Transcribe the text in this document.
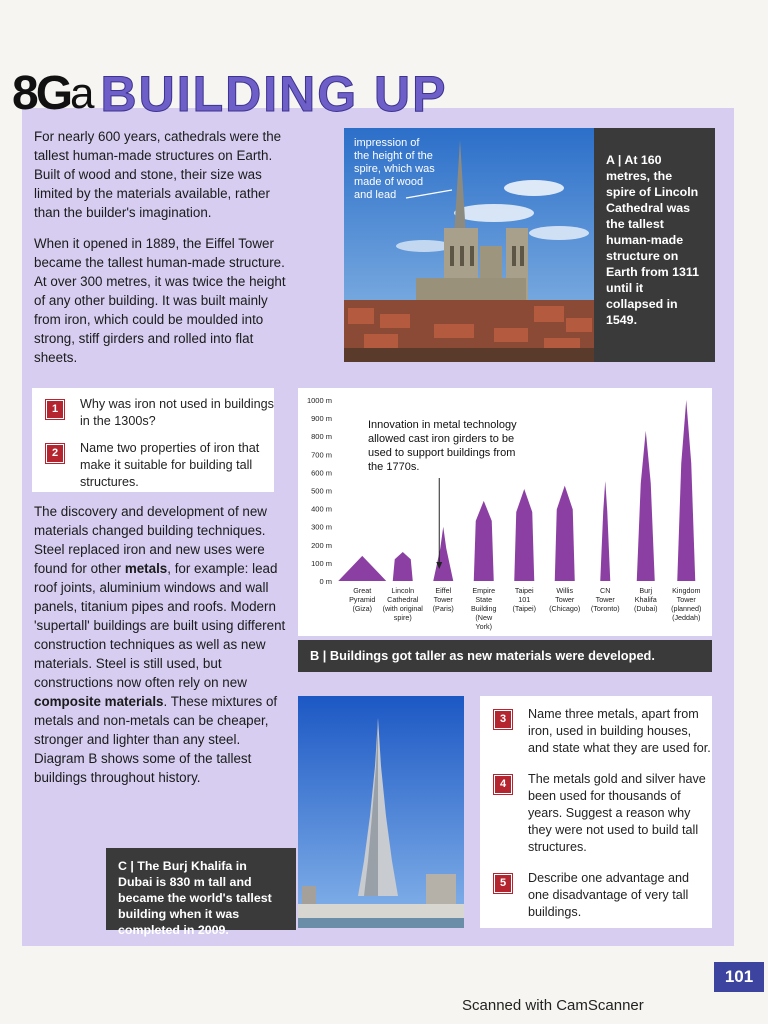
8G a BUILDING UP

For nearly 600 years, cathedrals were the tallest human-made structures on Earth. Built of wood and stone, their size was limited by the materials available, rather than the builder's imagination.

When it opened in 1889, the Eiffel Tower became the tallest human-made structure. At over 300 metres, it was twice the height of any other building. It was built mainly from iron, which could be moulded into strong, stiff girders and rolled into flat sheets.

impression of the height of the spire, which was made of wood and lead
A | At 160 metres, the spire of Lincoln Cathedral was the tallest human-made structure on Earth from 1311 until it collapsed in 1549.
1	Why was iron not used in buildings in the 1300s?
2	Name two properties of iron that make it suitable for building tall structures.

The discovery and development of new materials changed building techniques. Steel replaced iron and new uses were found for other metals, for example: lead roof joints, aluminium windows and wall panels, titanium pipes and roofs. Modern 'supertall' buildings are built using different construction techniques as well as new materials. Steel is still used, but constructions now often rely on new composite materials. These mixtures of metals and non-metals can be cheaper, stronger and lighter than any steel. Diagram B shows some of the tallest buildings throughout history.

1000 m
900 m
800 m
700 m
600 m
500 m
400 m
300 m
200 m
100 m
0 m
Great
Pyramid
(Giza)
Lincoln
Cathedral
(with original
spire)
Eiffel
Tower
(Paris)
Empire
State
Building
(New
York)
Taipei
101
(Taipei)
Willis
Tower
(Chicago)
CN
Tower
(Toronto)
Burj
Khalifa
(Dubai)
Kingdom
Tower
(planned)
(Jeddah)
Innovation in metal technology
allowed cast iron girders to be
used to support buildings from
the 1770s.
B | Buildings got taller as new materials were developed.
C | The Burj Khalifa in Dubai is 830 m tall and became the world's tallest building when it was completed in 2009.
3	Name three metals, apart from iron, used in building houses, and state what they are used for.
4	The metals gold and silver have been used for thousands of years. Suggest a reason why they were not used to build tall structures.
5	Describe one advantage and one disadvantage of very tall buildings.
101
Scanned with CamScanner
